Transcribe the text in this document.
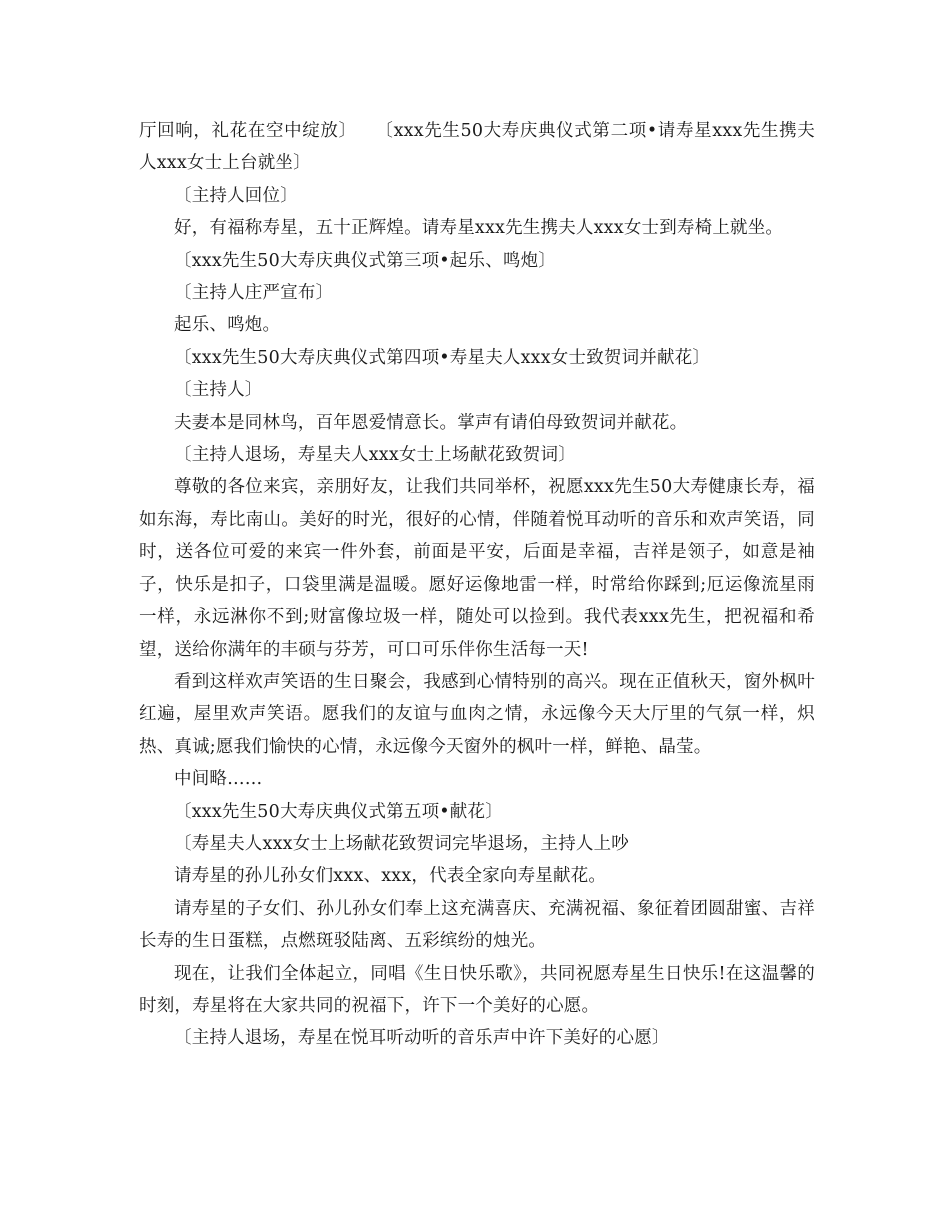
厅回响，礼花在空中绽放〕　　〔xxx先生50大寿庆典仪式第二项•请寿星xxx先生携夫人xxx女士上台就坐〕

〔主持人回位〕

好，有福称寿星，五十正辉煌。请寿星xxx先生携夫人xxx女士到寿椅上就坐。

〔xxx先生50大寿庆典仪式第三项•起乐、鸣炮〕

〔主持人庄严宣布〕

起乐、鸣炮。

〔xxx先生50大寿庆典仪式第四项•寿星夫人xxx女士致贺词并献花〕

〔主持人〕

夫妻本是同林鸟，百年恩爱情意长。掌声有请伯母致贺词并献花。

〔主持人退场，寿星夫人xxx女士上场献花致贺词〕

尊敬的各位来宾，亲朋好友，让我们共同举杯，祝愿xxx先生50大寿健康长寿，福如东海，寿比南山。美好的时光，很好的心情，伴随着悦耳动听的音乐和欢声笑语，同时，送各位可爱的来宾一件外套，前面是平安，后面是幸福，吉祥是领子，如意是袖子，快乐是扣子，口袋里满是温暖。愿好运像地雷一样，时常给你踩到;厄运像流星雨一样，永远淋你不到;财富像垃圾一样，随处可以捡到。我代表xxx先生，把祝福和希望，送给你满年的丰硕与芬芳，可口可乐伴你生活每一天!

看到这样欢声笑语的生日聚会，我感到心情特别的高兴。现在正值秋天，窗外枫叶红遍，屋里欢声笑语。愿我们的友谊与血肉之情，永远像今天大厅里的气氛一样，炽热、真诚;愿我们愉快的心情，永远像今天窗外的枫叶一样，鲜艳、晶莹。

中间略……

〔xxx先生50大寿庆典仪式第五项•献花〕

〔寿星夫人xxx女士上场献花致贺词完毕退场，主持人上吵

请寿星的孙儿孙女们xxx、xxx，代表全家向寿星献花。

请寿星的子女们、孙儿孙女们奉上这充满喜庆、充满祝福、象征着团圆甜蜜、吉祥长寿的生日蛋糕，点燃斑驳陆离、五彩缤纷的烛光。

现在，让我们全体起立，同唱《生日快乐歌》，共同祝愿寿星生日快乐!在这温馨的时刻，寿星将在大家共同的祝福下，许下一个美好的心愿。

〔主持人退场，寿星在悦耳听动听的音乐声中许下美好的心愿〕
